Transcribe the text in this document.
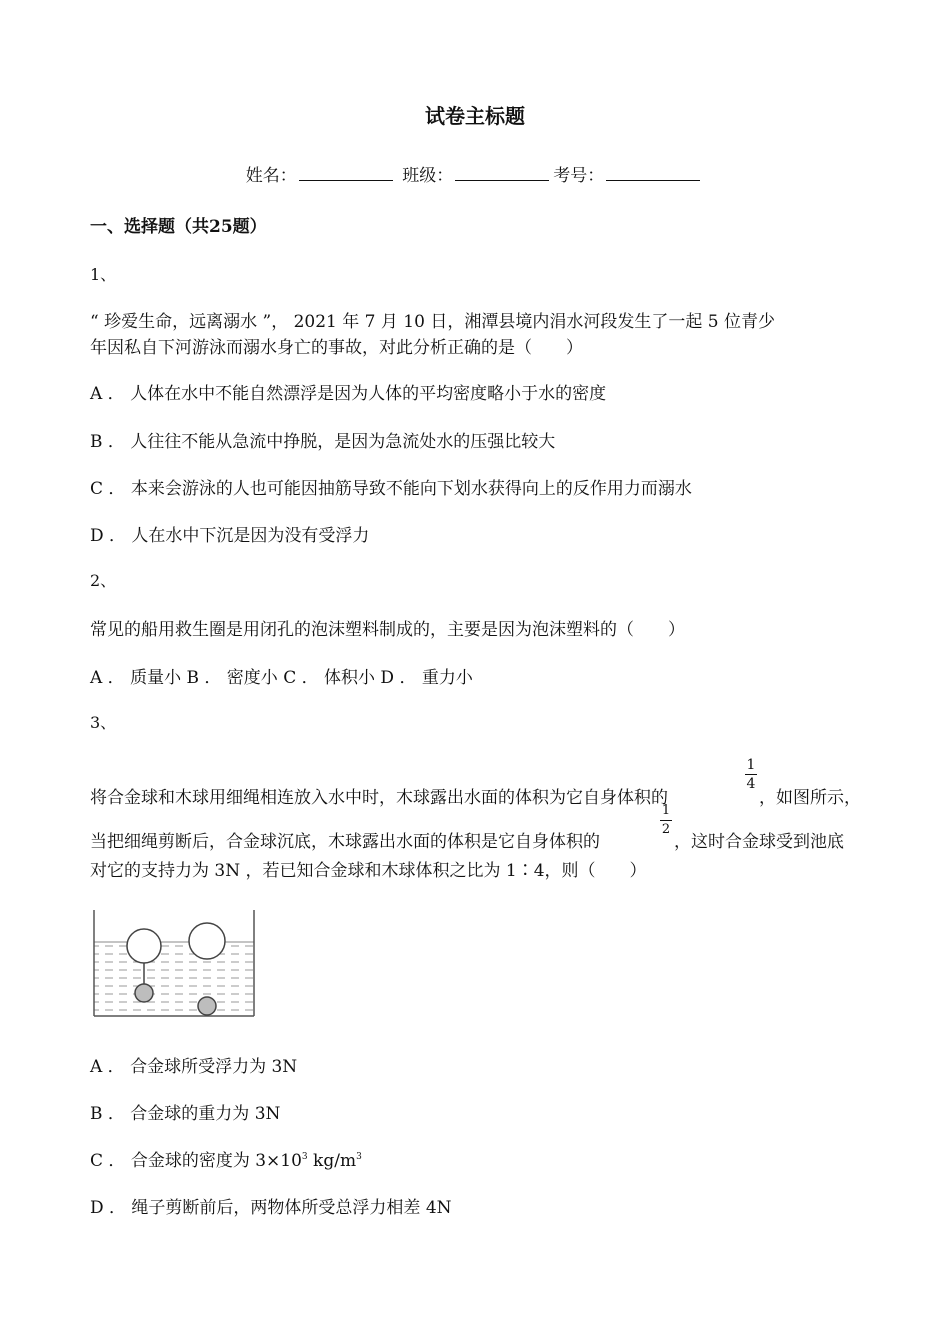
试卷主标题
姓名：	班级：	考号：
一、选择题（共25题）
1、
“ 珍爱生命，远离溺水 ”， 2021 年 7 月 10 日，湘潭县境内涓水河段发生了一起 5 位青少
年因私自下河游泳而溺水身亡的事故，对此分析正确的是（　　）
A ． 人体在水中不能自然漂浮是因为人体的平均密度略小于水的密度
B ． 人往往不能从急流中挣脱，是因为急流处水的压强比较大
C ． 本来会游泳的人也可能因抽筋导致不能向下划水获得向上的反作用力而溺水
D ． 人在水中下沉是因为没有受浮力
2、
常见的船用救生圈是用闭孔的泡沫塑料制成的，主要是因为泡沫塑料的（　　）
A ． 质量小 B ． 密度小 C ． 体积小 D ． 重力小
3、
将合金球和木球用细绳相连放入水中时，木球露出水面的体积为它自身体积的
1
4
，如图所示，
当把细绳剪断后，合金球沉底，木球露出水面的体积是它自身体积的
1
2
，这时合金球受到池底
对它的支持力为 3N ，若已知合金球和木球体积之比为 1∶4，则（　　）
A ． 合金球所受浮力为 3N
B ． 合金球的重力为 3N
C ． 合金球的密度为 $3\times 10^3$ $kg/m^3$
D ． 绳子剪断前后，两物体所受总浮力相差 4N
